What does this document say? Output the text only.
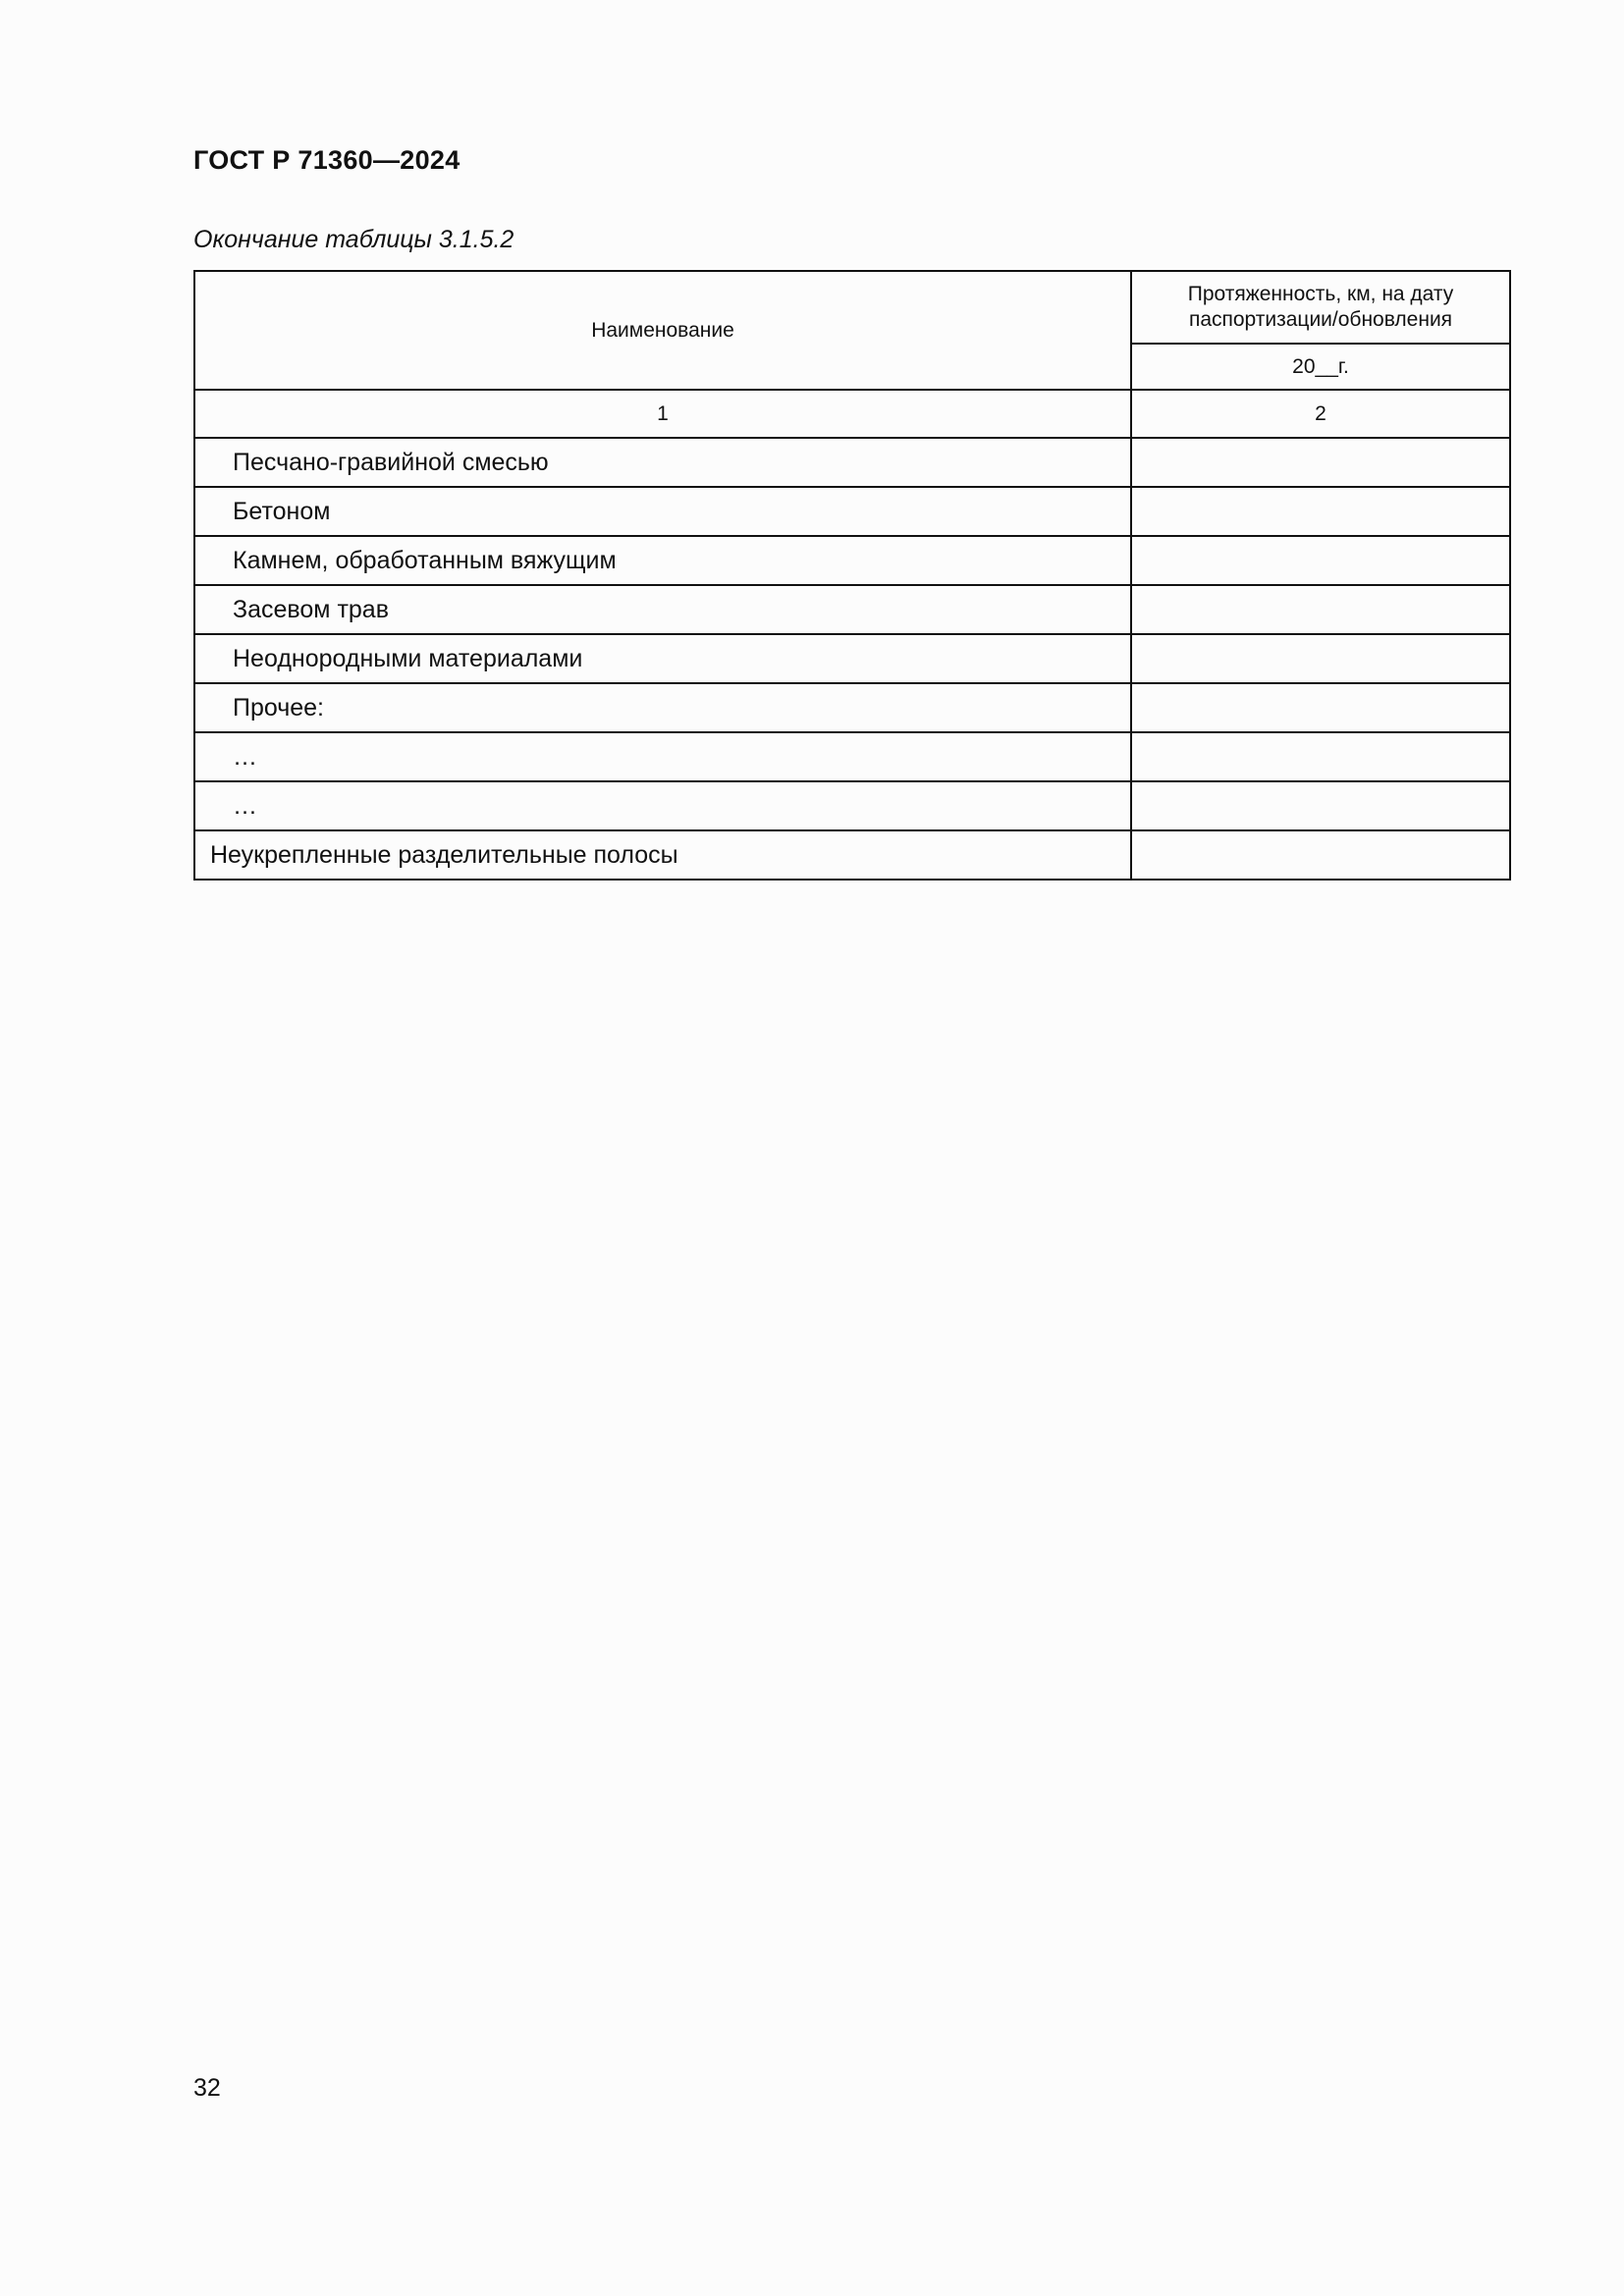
ГОСТ Р 71360—2024
Окончание таблицы 3.1.5.2
Наименование	Протяженность, км, на дату паспортизации/обновления
	20__г.
1	2
Песчано-гравийной смесью	
Бетоном	
Камнем, обработанным вяжущим	
Засевом трав	
Неоднородными материалами	
Прочее:	
…	
…	
Неукрепленные разделительные полосы	
32
